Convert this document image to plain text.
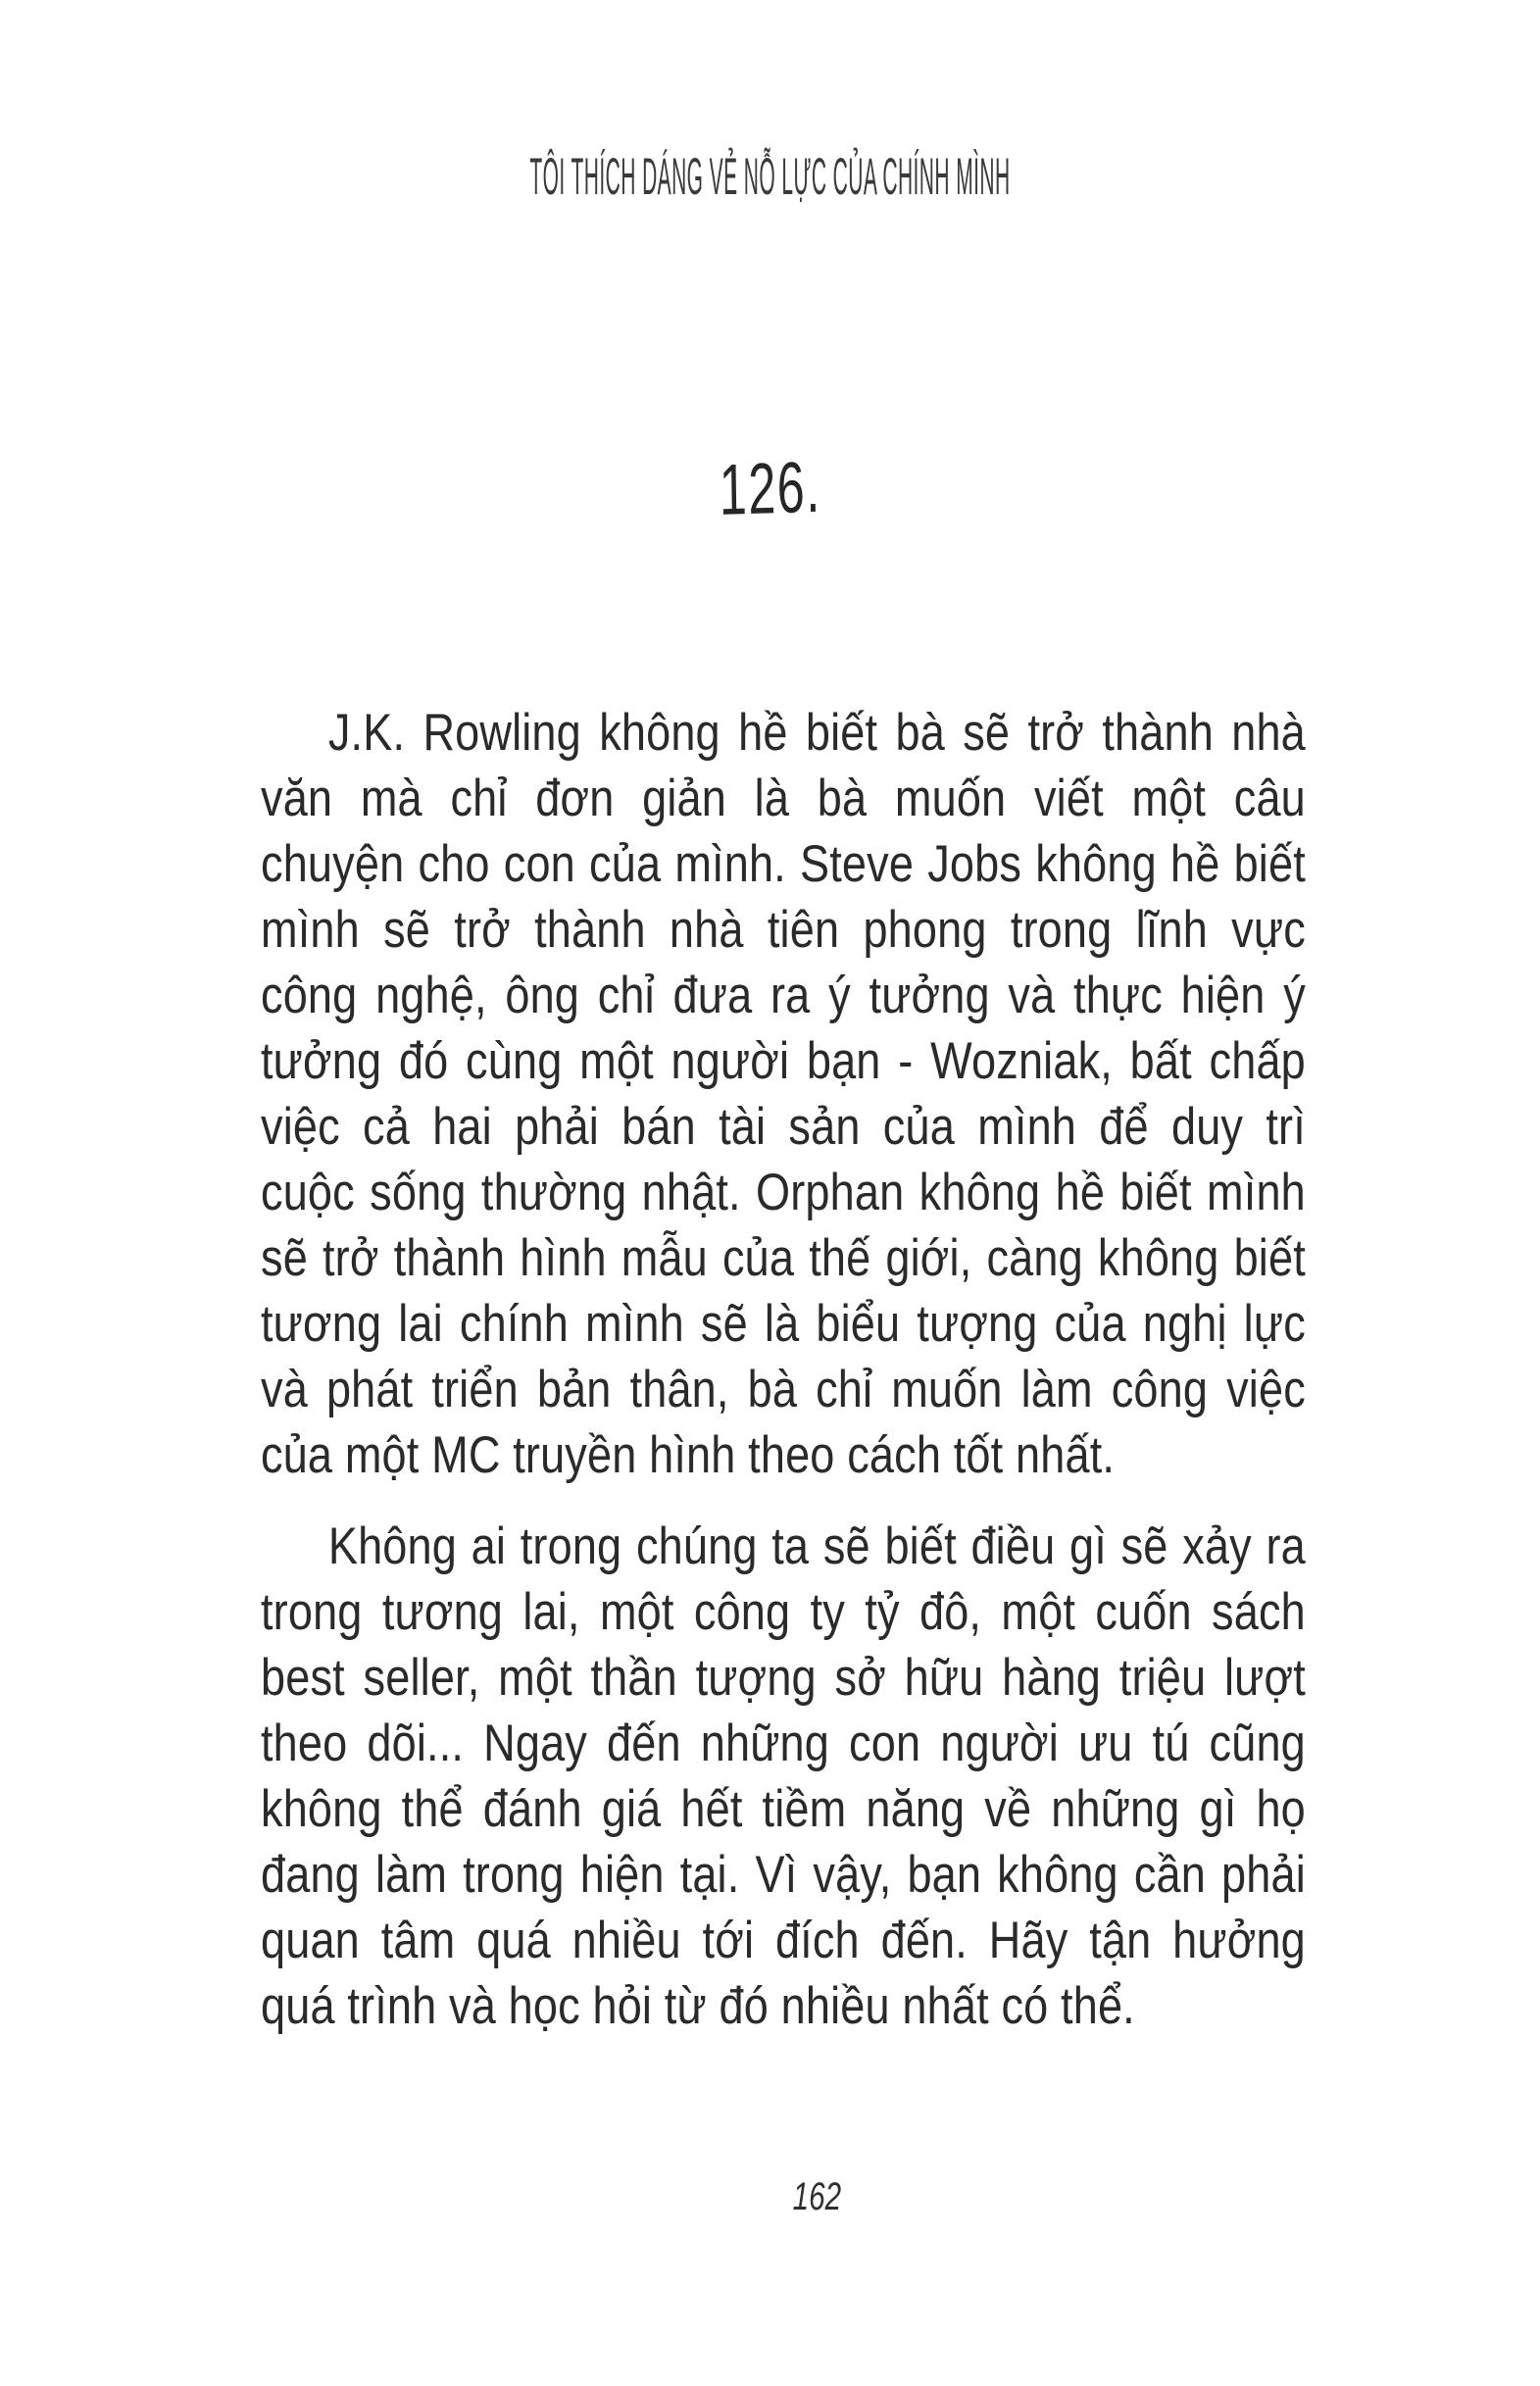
TÔI THÍCH DÁNG VẺ NỖ LỰC CỦA CHÍNH MÌNH
126.
J.K. Rowling không hề biết bà sẽ trở thành nhà
văn mà chỉ đơn giản là bà muốn viết một câu
chuyện cho con của mình. Steve Jobs không hề biết
mình sẽ trở thành nhà tiên phong trong lĩnh vực
công nghệ, ông chỉ đưa ra ý tưởng và thực hiện ý
tưởng đó cùng một người bạn - Wozniak, bất chấp
việc cả hai phải bán tài sản của mình để duy trì
cuộc sống thường nhật. Orphan không hề biết mình
sẽ trở thành hình mẫu của thế giới, càng không biết
tương lai chính mình sẽ là biểu tượng của nghị lực
và phát triển bản thân, bà chỉ muốn làm công việc
của một MC truyền hình theo cách tốt nhất.
Không ai trong chúng ta sẽ biết điều gì sẽ xảy ra
trong tương lai, một công ty tỷ đô, một cuốn sách
best seller, một thần tượng sở hữu hàng triệu lượt
theo dõi... Ngay đến những con người ưu tú cũng
không thể đánh giá hết tiềm năng về những gì họ
đang làm trong hiện tại. Vì vậy, bạn không cần phải
quan tâm quá nhiều tới đích đến. Hãy tận hưởng
quá trình và học hỏi từ đó nhiều nhất có thể.
162
